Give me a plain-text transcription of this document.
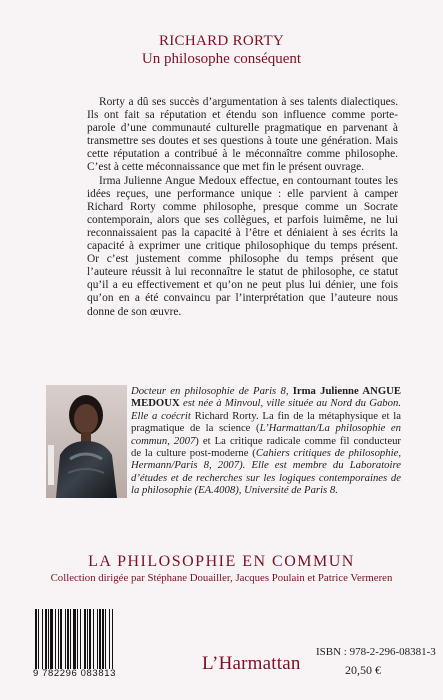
RICHARD RORTY
Un philosophe conséquent

Rorty a dû ses succès d’argumentation à ses talents dialectiques. Ils ont fait sa réputation et étendu son influence comme porte-parole d’une communauté culturelle pragmatique en parvenant à transmettre ses doutes et ses questions à toute une génération. Mais cette réputation a contribué à le méconnaître comme philosophe. C’est à cette méconnaissance que met fin le présent ouvrage.

Irma Julienne Angue Medoux effectue, en contournant toutes les idées reçues, une performance unique : elle parvient à camper Richard Rorty comme philosophe, presque comme un Socrate contemporain, alors que ses collègues, et parfois luimême, ne lui reconnaissaient pas la capacité à l’être et déniaient à ses écrits la capacité à exprimer une critique philosophique du temps présent. Or c’est justement comme philosophe du temps présent que l’auteure réussit à lui reconnaître le statut de philosophe, ce statut qu’il a eu effectivement et qu’on ne peut plus lui dénier, une fois qu’on en a été convaincu par l’interprétation que l’auteure nous donne de son œuvre.

Docteur en philosophie de Paris 8, Irma Julienne ANGUE MEDOUX est née à Minvoul, ville située au Nord du Gabon. Elle a coécrit Richard Rorty. La fin de la métaphysique et la pragmatique de la science (L’Harmattan/La philosophie en commun, 2007) et La critique radicale comme fil conducteur de la culture post-moderne (Cahiers critiques de philosophie, Hermann/Paris 8, 2007). Elle est membre du Laboratoire d’études et de recherches sur les logiques contemporaines de la philosophie (EA.4008), Université de Paris 8.
LA PHILOSOPHIE EN COMMUN
Collection dirigée par Stéphane Douailler, Jacques Poulain et Patrice Vermeren
9 782296 083813	L’Harmattan
ISBN : 978-2-296-08381-3
20,50 €
